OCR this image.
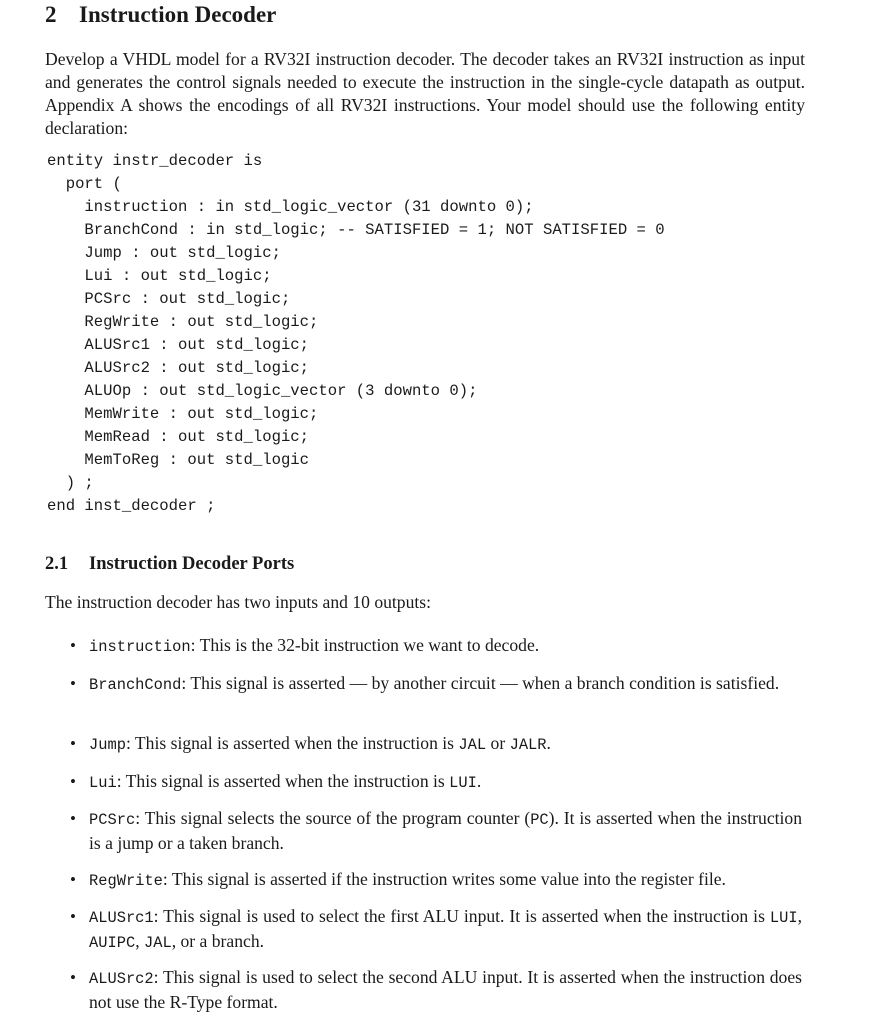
2 Instruction Decoder

Develop a VHDL model for a RV32I instruction decoder. The decoder takes an RV32I instruction as input and generates the control signals needed to execute the instruction in the single-cycle datapath as output. Appendix A shows the encodings of all RV32I instructions. Your model should use the following entity declaration:

entity instr_decoder is
port (
instruction : in std_logic_vector (31 downto 0);
BranchCond : in std_logic; -- SATISFIED = 1; NOT SATISFIED = 0
Jump : out std_logic;
Lui : out std_logic;
PCSrc : out std_logic;
RegWrite : out std_logic;
ALUSrc1 : out std_logic;
ALUSrc2 : out std_logic;
ALUOp : out std_logic_vector (3 downto 0);
MemWrite : out std_logic;
MemRead : out std_logic;
MemToReg : out std_logic
) ;
end inst_decoder ;
2.1 Instruction Decoder Ports

The instruction decoder has two inputs and 10 outputs:

• instruction: This is the 32-bit instruction we want to decode.
• BranchCond: This signal is asserted — by another circuit — when a branch condition is satisfied.
• Jump: This signal is asserted when the instruction is JAL or JALR.
• Lui: This signal is asserted when the instruction is LUI.
• PCSrc: This signal selects the source of the program counter (PC). It is asserted when the instruction is a jump or a taken branch.
• RegWrite: This signal is asserted if the instruction writes some value into the register file.
• ALUSrc1: This signal is used to select the first ALU input. It is asserted when the instruction is LUI, AUIPC, JAL, or a branch.
• ALUSrc2: This signal is used to select the second ALU input. It is asserted when the instruction does not use the R-Type format.
